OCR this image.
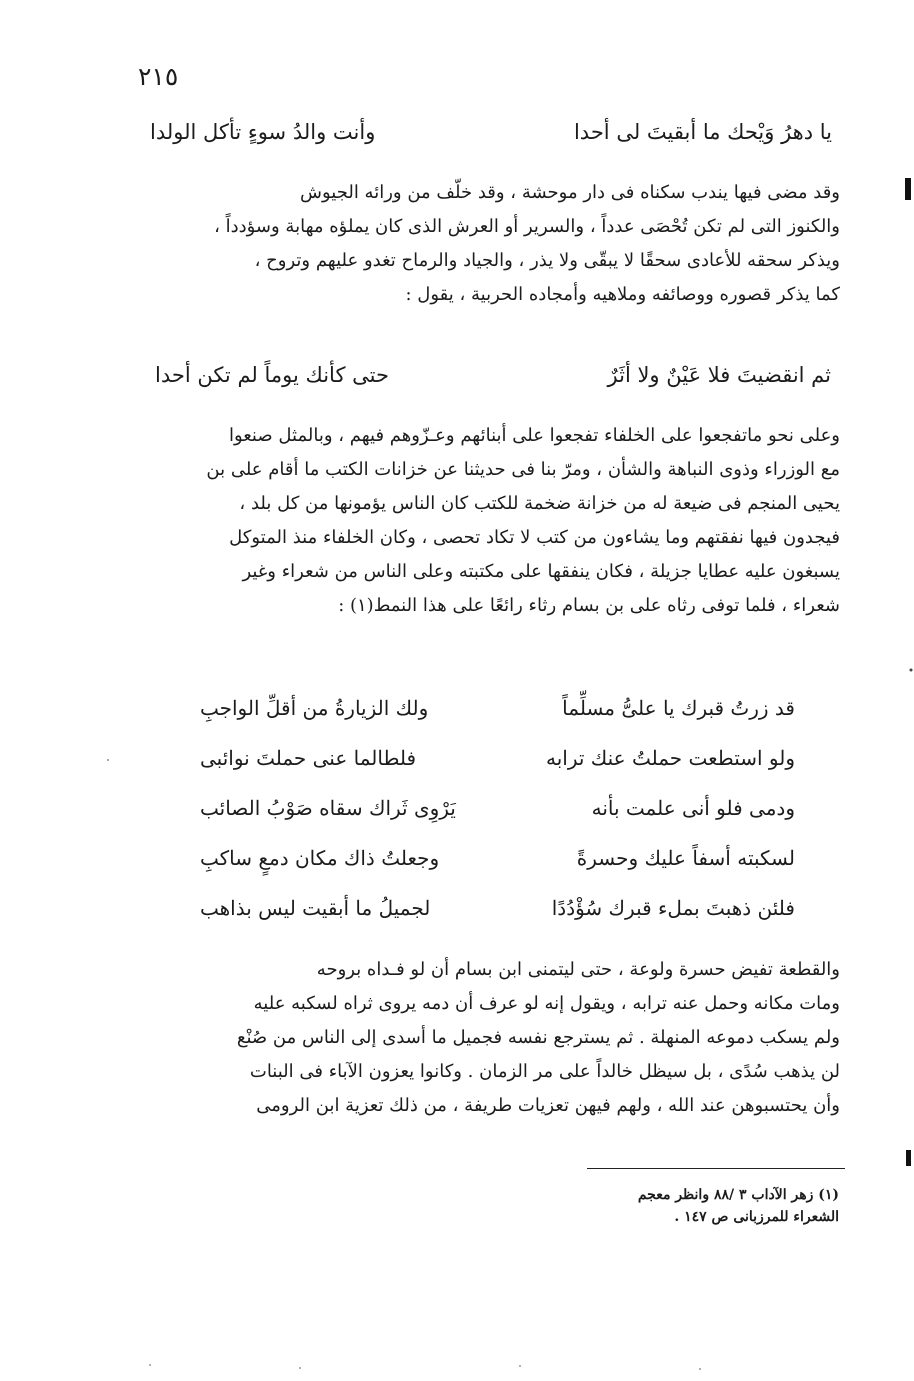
٢١٥
يا دهرُ وَيْحك ما أبقيتَ لى أحدا
وأنت والدُ سوءٍ تأكل الولدا

وقد مضى فيها يندب سكناه فى دار موحشة ، وقد خلّف من ورائه الجيوش

والكنوز التى لم تكن تُحْصَى عدداً ، والسرير أو العرش الذى كان يملؤه مهابة وسؤدداً ،

ويذكر سحقه للأعادى سحقًا لا يبقّى ولا يذر ، والجياد والرماح تغدو عليهم وتروح ،

كما يذكر قصوره ووصائفه وملاهيه وأمجاده الحربية ، يقول :

ثم انقضيتَ فلا عَيْنٌ ولا أثَرٌ
حتى كأنك يوماً لم تكن أحدا

وعلى نحو ماتفجعوا على الخلفاء تفجعوا على أبنائهم وعـزّوهم فيهم ، وبالمثل صنعوا

مع الوزراء وذوى النباهة والشأن ، ومرّ بنا فى حديثنا عن خزانات الكتب ما أقام على بن

يحيى المنجم فى ضيعة له من خزانة ضخمة للكتب كان الناس يؤمونها من كل بلد ،

فيجدون فيها نفقتهم وما يشاءون من كتب لا تكاد تحصى ، وكان الخلفاء منذ المتوكل

يسبغون عليه عطايا جزيلة ، فكان ينفقها على مكتبته وعلى الناس من شعراء وغير

شعراء ، فلما توفى رثاه على بن بسام رثاء رائعًا على هذا النمط(١) :

قد زرتُ قبرك يا علىُّ مسلِّماً
ولك الزيارةُ من أقلِّ الواجبِ
ولو استطعت حملتُ عنك ترابه
فلطالما عنى حملتَ نوائبى
ودمى فلو أنى علمت بأنه
يَرْوِى ثَراك سقاه صَوْبُ الصائب
لسكبته أسفاً عليك وحسرةً
وجعلتُ ذاك مكان دمعٍ ساكبِ
فلئن ذهبتَ بملء قبرك سُؤْدُدًا
لجميلُ ما أبقيت ليس بذاهب

والقطعة تفيض حسرة ولوعة ، حتى ليتمنى ابن بسام أن لو فـداه بروحه

ومات مكانه وحمل عنه ترابه ، ويقول إنه لو عرف أن دمه يروى ثراه لسكبه عليه

ولم يسكب دموعه المنهلة . ثم يسترجع نفسه فجميل ما أسدى إلى الناس من صُنْع

لن يذهب سُدًى ، بل سيظل خالداً على مر الزمان . وكانوا يعزون الآباء فى البنات

وأن يحتسبوهن عند الله ، ولهم فيهن تعزيات طريفة ، من ذلك تعزية ابن الرومى

(١) زهر الآداب ٣ /٨٨ وانظر معجم
الشعراء للمرزبانى ص ١٤٧ .
